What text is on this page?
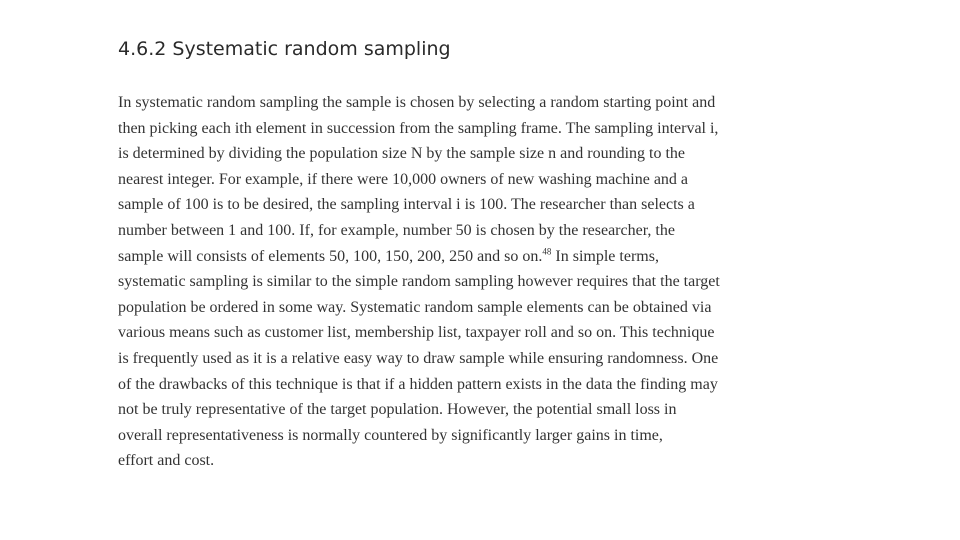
4.6.2 Systematic random sampling
In systematic random sampling the sample is chosen by selecting a random starting point and
then picking each ith element in succession from the sampling frame. The sampling interval i,
is determined by dividing the population size N by the sample size n and rounding to the
nearest integer. For example, if there were 10,000 owners of new washing machine and a
sample of 100 is to be desired, the sampling interval i is 100. The researcher than selects a
number between 1 and 100. If, for example, number 50 is chosen by the researcher, the
sample will consists of elements 50, 100, 150, 200, 250 and so on.$^{48}$ In simple terms,
systematic sampling is similar to the simple random sampling however requires that the target
population be ordered in some way. Systematic random sample elements can be obtained via
various means such as customer list, membership list, taxpayer roll and so on. This technique
is frequently used as it is a relative easy way to draw sample while ensuring randomness. One
of the drawbacks of this technique is that if a hidden pattern exists in the data the finding may
not be truly representative of the target population. However, the potential small loss in
overall representativeness is normally countered by significantly larger gains in time,
effort and cost.
